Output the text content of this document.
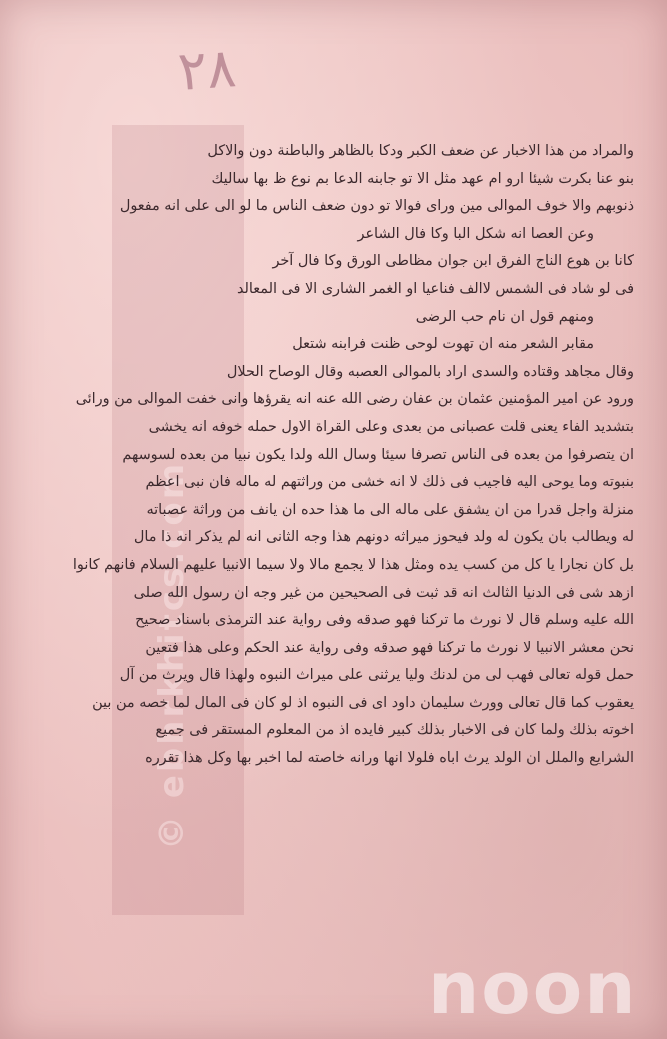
٢٨
© ebhrkhitcs.com
والمراد من هذا الاخبار عن ضعف الكبر ودكا بالظاهر والباطنة دون والاكل
بنو عنا بكرت شيئا ارو ام عهد مثل الا تو جابنه الدعا بم نوع ظ بها ساليك
ذنوبهم والا خوف الموالى مين وراى فوالا تو دون ضعف الناس ما لو الى على انه مفعول
وعن العصا انه شكل البا وكا فال الشاعر
كانا بن هوع الناج الفرق ابن جوان مظاطى الورق وكا فال آخر
فى لو شاد فى الشمس لاالف فناعيا او الغمر الشارى الا فى المعالد
ومنهم قول ان نام حب الرضى
مقابر الشعر منه ان تهوت لوحى ظنت فرابنه شتعل
وقال مجاهد وقتاده والسدى اراد بالموالى العصبه وقال الوصاح الحلال
ورود عن امير المؤمنين عثمان بن عفان رضى الله عنه انه يقرؤها وانى خفت الموالى من ورائى
بتشديد الفاء يعنى قلت عصبانى من بعدى وعلى القراة الاول حمله خوفه انه يخشى
ان يتصرفوا من بعده فى الناس تصرفا سيئا وسال الله ولدا يكون نبيا من بعده لسوسهم
بنبوته وما يوحى اليه فاجيب فى ذلك لا انه خشى من وراثتهم له ماله فان نبى اعظم
منزلة واجل قدرا من ان يشفق على ماله الى ما هذا حده ان يانف من وراثة عصباته
له ويطالب بان يكون له ولد فيحوز ميراثه دونهم هذا وجه الثانى انه لم يذكر انه ذا مال
بل كان نجارا يا كل من كسب يده ومثل هذا لا يجمع مالا ولا سيما الانبيا عليهم السلام فانهم كانوا
ازهد شى فى الدنيا الثالث انه قد ثبت فى الصحيحين من غير وجه ان رسول الله صلى
الله عليه وسلم قال لا نورث ما تركنا فهو صدقه وفى رواية عند الترمذى باسناد صحيح
نحن معشر الانبيا لا نورث ما تركنا فهو صدقه وفى رواية عند الحكم وعلى هذا فتعين
حمل قوله تعالى فهب لى من لدنك وليا يرثنى على ميراث النبوه ولهذا قال ويرث من آل
يعقوب كما قال تعالى وورث سليمان داود اى فى النبوه اذ لو كان فى المال لما خصه من بين
اخوته بذلك ولما كان فى الاخبار بذلك كبير فايده اذ من المعلوم المستقر فى جميع
الشرايع والملل ان الولد يرث اباه فلولا انها ورانه خاصته لما اخبر بها وكل هذا تقرره
noon
